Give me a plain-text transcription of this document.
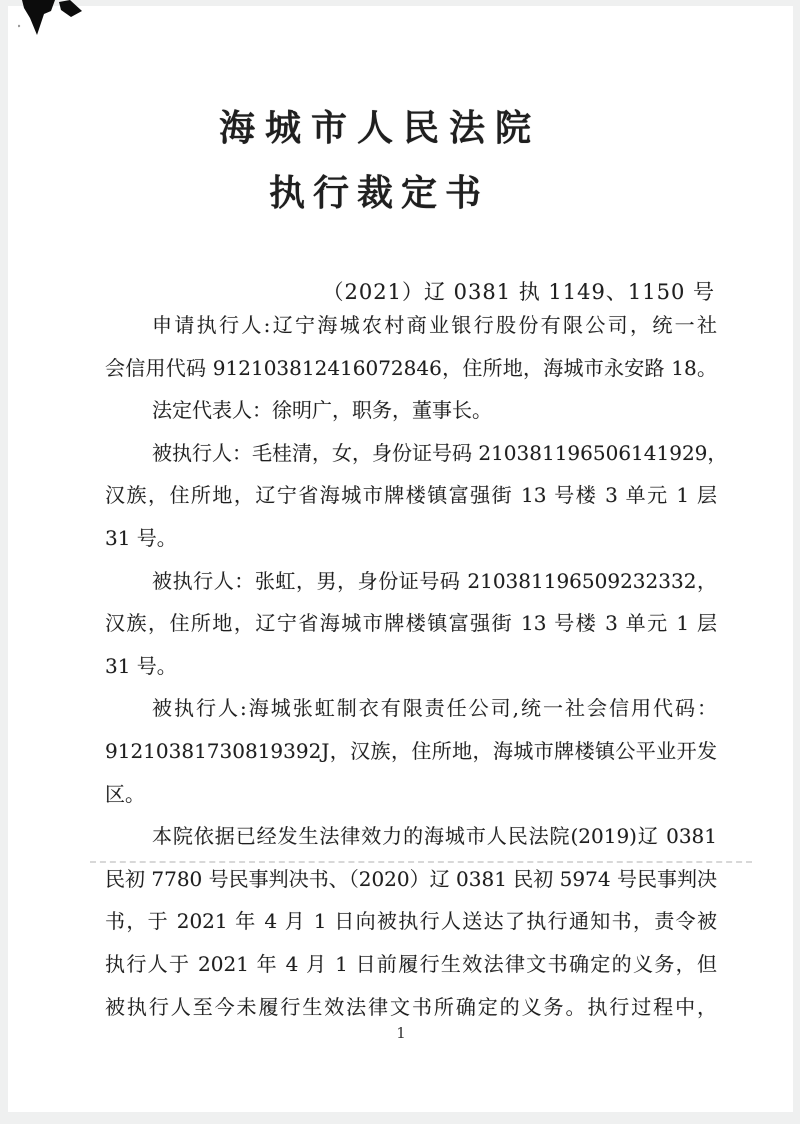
海城市人民法院
执行裁定书
（2021）辽 0381 执 1149、1150 号
申请执行人:辽宁海城农村商业银行股份有限公司，统一社
会信用代码 912103812416072846，住所地，海城市永安路 18。
法定代表人：徐明广，职务，董事长。
被执行人：毛桂清，女，身份证号码 210381196506141929，
汉族，住所地，辽宁省海城市牌楼镇富强街 13 号楼 3 单元 1 层
31 号。
被执行人：张虹，男，身份证号码 210381196509232332，
汉族，住所地，辽宁省海城市牌楼镇富强街 13 号楼 3 单元 1 层
31 号。
被执行人:海城张虹制衣有限责任公司,统一社会信用代码：
91210381730819392J，汉族，住所地，海城市牌楼镇公平业开发
区。
本院依据已经发生法律效力的海城市人民法院(2019)辽 0381
民初 7780 号民事判决书、（2020）辽 0381 民初 5974 号民事判决
书，于 2021 年 4 月 1 日向被执行人送达了执行通知书，责令被
执行人于 2021 年 4 月 1 日前履行生效法律文书确定的义务，但
被执行人至今未履行生效法律文书所确定的义务。执行过程中，
1
